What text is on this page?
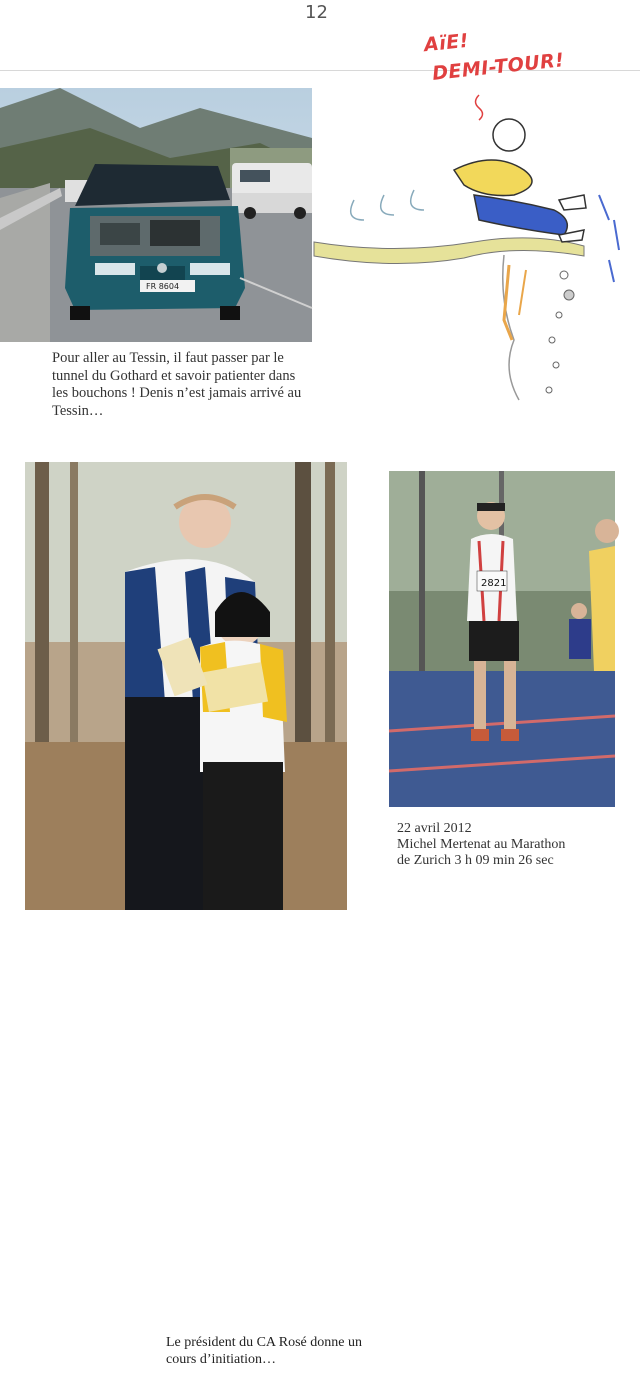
12
FR 8604
Pour aller au Tessin, il faut passer par le tunnel du Gothard et savoir patienter dans les bouchons ! Denis n’est jamais arrivé au Tessin…
AïE!
DEMI-TOUR!
Le président du CA Rosé donne un cours d’initiation…
2821
22 avril 2012
Michel Mertenat au Marathon
de Zurich 3 h 09 min 26 sec
